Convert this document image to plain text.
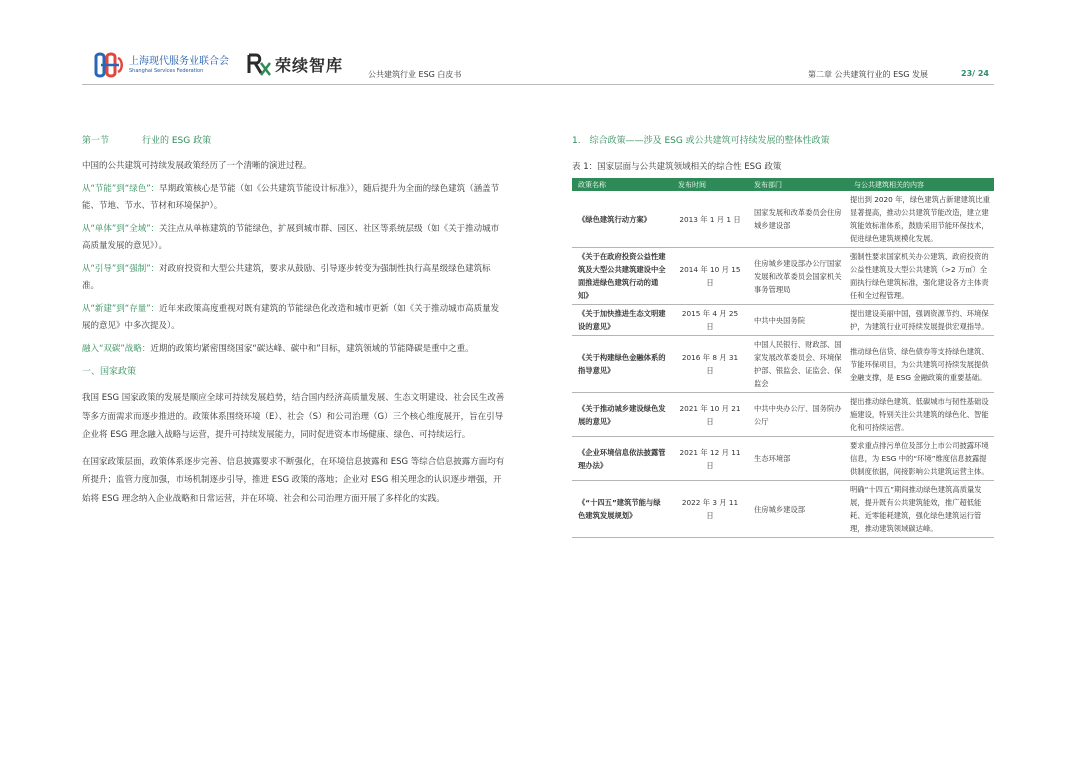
上海现代服务业联合会
Shanghai Services Federation	荣续智库	公共建筑行业 ESG 白皮书	第二章 公共建筑行业的 ESG 发展	23/ 24
第一节	行业的 ESG 政策

中国的公共建筑可持续发展政策经历了一个清晰的演进过程。

从“节能”到“绿色”：早期政策核心是节能（如《公共建筑节能设计标准》），随后提升为全面的绿色建筑（涵盖节能、节地、节水、节材和环境保护）。

从“单体”到“全域”：关注点从单栋建筑的节能绿色，扩展到城市群、园区、社区等系统层级（如《关于推动城市高质量发展的意见》）。

从“引导”到“强制”：对政府投资和大型公共建筑，要求从鼓励、引导逐步转变为强制性执行高星级绿色建筑标准。

从“新建”到“存量”：近年来政策高度重视对既有建筑的节能绿色化改造和城市更新（如《关于推动城市高质量发展的意见》中多次提及）。

融入“双碳”战略：近期的政策均紧密围绕国家“碳达峰、碳中和”目标，建筑领域的节能降碳是重中之重。

一、国家政策

我国 ESG 国家政策的发展是顺应全球可持续发展趋势，结合国内经济高质量发展、生态文明建设、社会民生改善等多方面需求而逐步推进的。政策体系围绕环境（E）、社会（S）和公司治理（G）三个核心维度展开，旨在引导企业将 ESG 理念融入战略与运营，提升可持续发展能力，同时促进资本市场健康、绿色、可持续运行。

在国家政策层面，政策体系逐步完善、信息披露要求不断强化，在环境信息披露和 ESG 等综合信息披露方面均有所提升；监管力度加强，市场机制逐步引导，推进 ESG 政策的落地；企业对 ESG 相关理念的认识逐步增强，开始将 ESG 理念纳入企业战略和日常运营，并在环境、社会和公司治理方面开展了多样化的实践。

1.　综合政策——涉及 ESG 或公共建筑可持续发展的整体性政策
表 1：国家层面与公共建筑领域相关的综合性 ESG 政策
政策名称	发布时间	发布部门	与公共建筑相关的内容
《绿色建筑行动方案》	2013 年 1 月 1 日	国家发展和改革委员会住房城乡建设部	提出到 2020 年，绿色建筑占新建建筑比重显著提高，推动公共建筑节能改造，建立建筑能效标准体系，鼓励采用节能环保技术，促进绿色建筑规模化发展。
《关于在政府投资公益性建筑及大型公共建筑建设中全面推进绿色建筑行动的通知》	2014 年 10 月 15 日	住房城乡建设部办公厅国家发展和改革委员会国家机关事务管理局	强制性要求国家机关办公建筑、政府投资的公益性建筑及大型公共建筑（>2 万㎡）全面执行绿色建筑标准，强化建设各方主体责任和全过程管理。
《关于加快推进生态文明建设的意见》	2015 年 4 月 25 日	中共中央国务院	提出建设美丽中国，强调资源节约、环境保护，为建筑行业可持续发展提供宏观指导。
《关于构建绿色金融体系的指导意见》	2016 年 8 月 31 日	中国人民银行、财政部、国家发展改革委员会、环境保护部、银监会、证监会、保监会	推动绿色信贷、绿色债券等支持绿色建筑、节能环保项目，为公共建筑可持续发展提供金融支撑，是 ESG 金融政策的重要基础。
《关于推动城乡建设绿色发展的意见》	2021 年 10 月 21 日	中共中央办公厅、国务院办公厅	提出推动绿色建筑、低碳城市与韧性基础设施建设，特别关注公共建筑的绿色化、智能化和可持续运营。
《企业环境信息依法披露管理办法》	2021 年 12 月 11 日	生态环境部	要求重点排污单位及部分上市公司披露环境信息，为 ESG 中的“环境”维度信息披露提供制度依据，间接影响公共建筑运营主体。
《“十四五”建筑节能与绿色建筑发展规划》	2022 年 3 月 11 日	住房城乡建设部	明确“十四五”期间推动绿色建筑高质量发展，提升既有公共建筑能效，推广超低能耗、近零能耗建筑，强化绿色建筑运行管理，推动建筑领域碳达峰。
